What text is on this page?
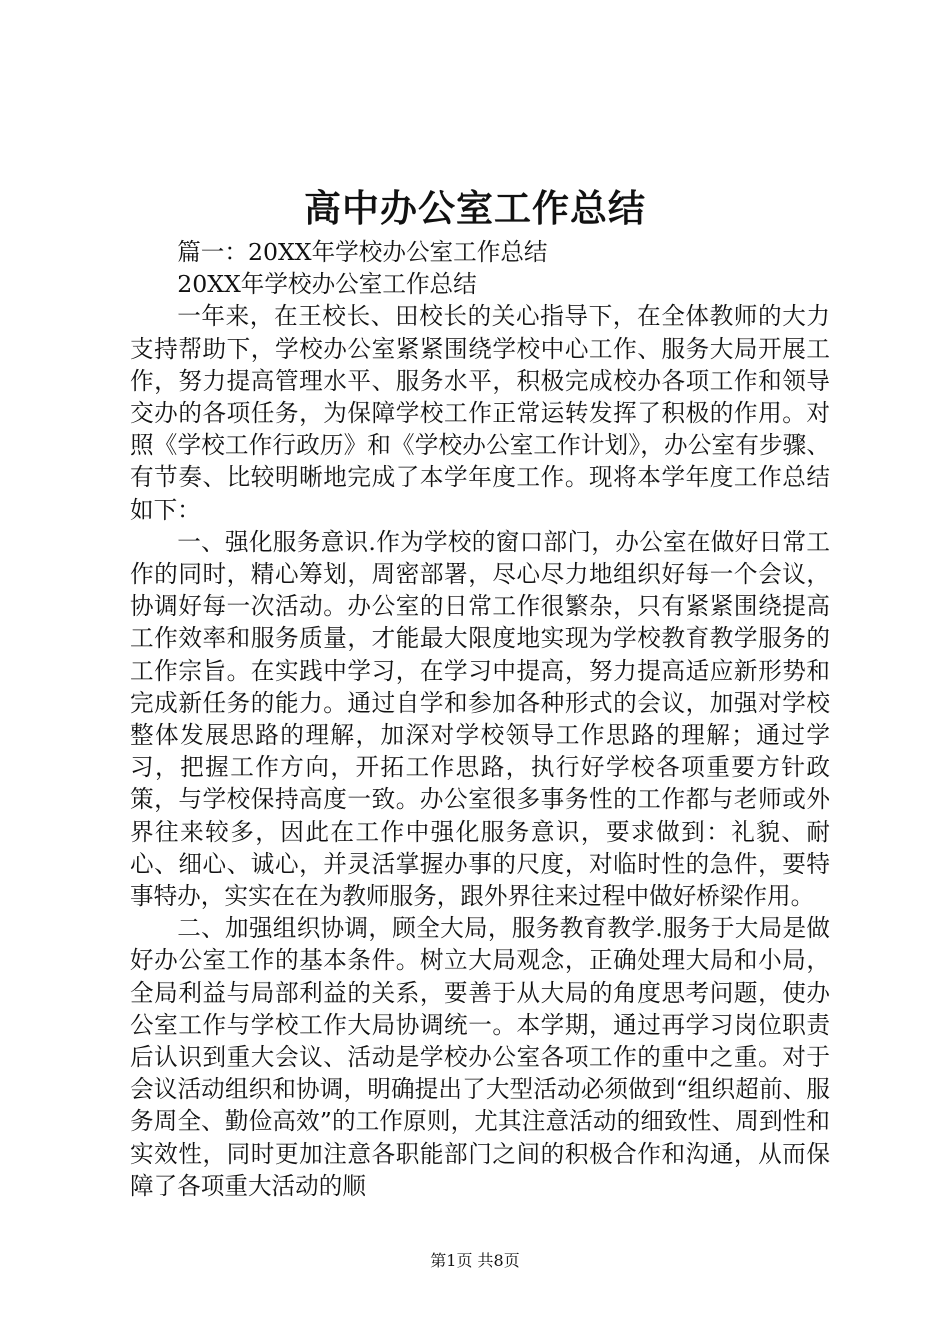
高中办公室工作总结

篇一：20XX年学校办公室工作总结

20XX年学校办公室工作总结

一年来，在王校长、田校长的关心指导下，在全体教师的大力支持帮助下，学校办公室紧紧围绕学校中心工作、服务大局开展工作，努力提高管理水平、服务水平，积极完成校办各项工作和领导交办的各项任务，为保障学校工作正常运转发挥了积极的作用。对照《学校工作行政历》和《学校办公室工作计划》，办公室有步骤、有节奏、比较明晰地完成了本学年度工作。现将本学年度工作总结如下：

一、强化服务意识.作为学校的窗口部门，办公室在做好日常工作的同时，精心筹划，周密部署，尽心尽力地组织好每一个会议，协调好每一次活动。办公室的日常工作很繁杂，只有紧紧围绕提高工作效率和服务质量，才能最大限度地实现为学校教育教学服务的工作宗旨。在实践中学习，在学习中提高，努力提高适应新形势和完成新任务的能力。通过自学和参加各种形式的会议，加强对学校整体发展思路的理解，加深对学校领导工作思路的理解；通过学习，把握工作方向，开拓工作思路，执行好学校各项重要方针政策，与学校保持高度一致。办公室很多事务性的工作都与老师或外界往来较多，因此在工作中强化服务意识，要求做到：礼貌、耐心、细心、诚心，并灵活掌握办事的尺度，对临时性的急件，要特事特办，实实在在为教师服务，跟外界往来过程中做好桥梁作用。

二、加强组织协调，顾全大局，服务教育教学.服务于大局是做好办公室工作的基本条件。树立大局观念，正确处理大局和小局，全局利益与局部利益的关系，要善于从大局的角度思考问题，使办公室工作与学校工作大局协调统一。本学期，通过再学习岗位职责后认识到重大会议、活动是学校办公室各项工作的重中之重。对于会议活动组织和协调，明确提出了大型活动必须做到“组织超前、服务周全、勤俭高效”的工作原则，尤其注意活动的细致性、周到性和实效性，同时更加注意各职能部门之间的积极合作和沟通，从而保障了各项重大活动的顺

第1页 共8页
